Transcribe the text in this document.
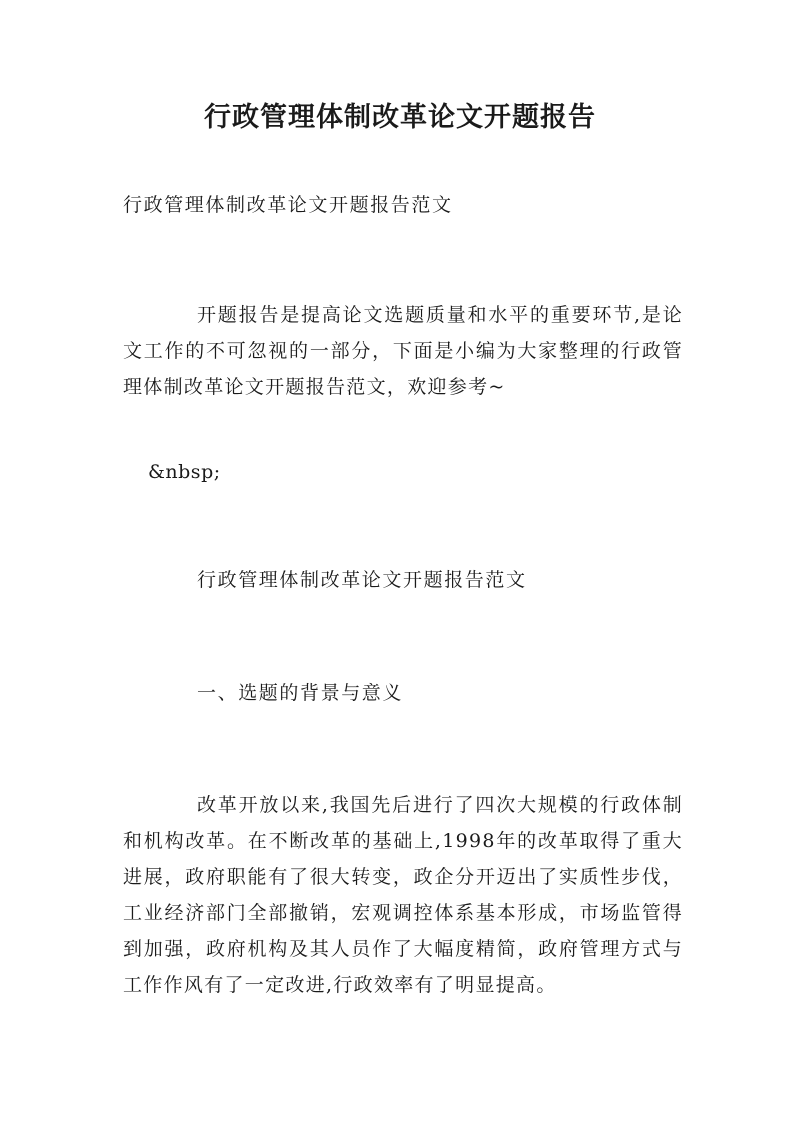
行政管理体制改革论文开题报告
行政管理体制改革论文开题报告范文
开题报告是提高论文选题质量和水平的重要环节,是论文工作的不可忽视的一部分，下面是小编为大家整理的行政管理体制改革论文开题报告范文，欢迎参考~
&nbsp;
行政管理体制改革论文开题报告范文
一、选题的背景与意义
改革开放以来,我国先后进行了四次大规模的行政体制和机构改革。在不断改革的基础上,1998年的改革取得了重大进展，政府职能有了很大转变，政企分开迈出了实质性步伐，工业经济部门全部撤销，宏观调控体系基本形成，市场监管得到加强，政府机构及其人员作了大幅度精简，政府管理方式与工作作风有了一定改进,行政效率有了明显提高。
